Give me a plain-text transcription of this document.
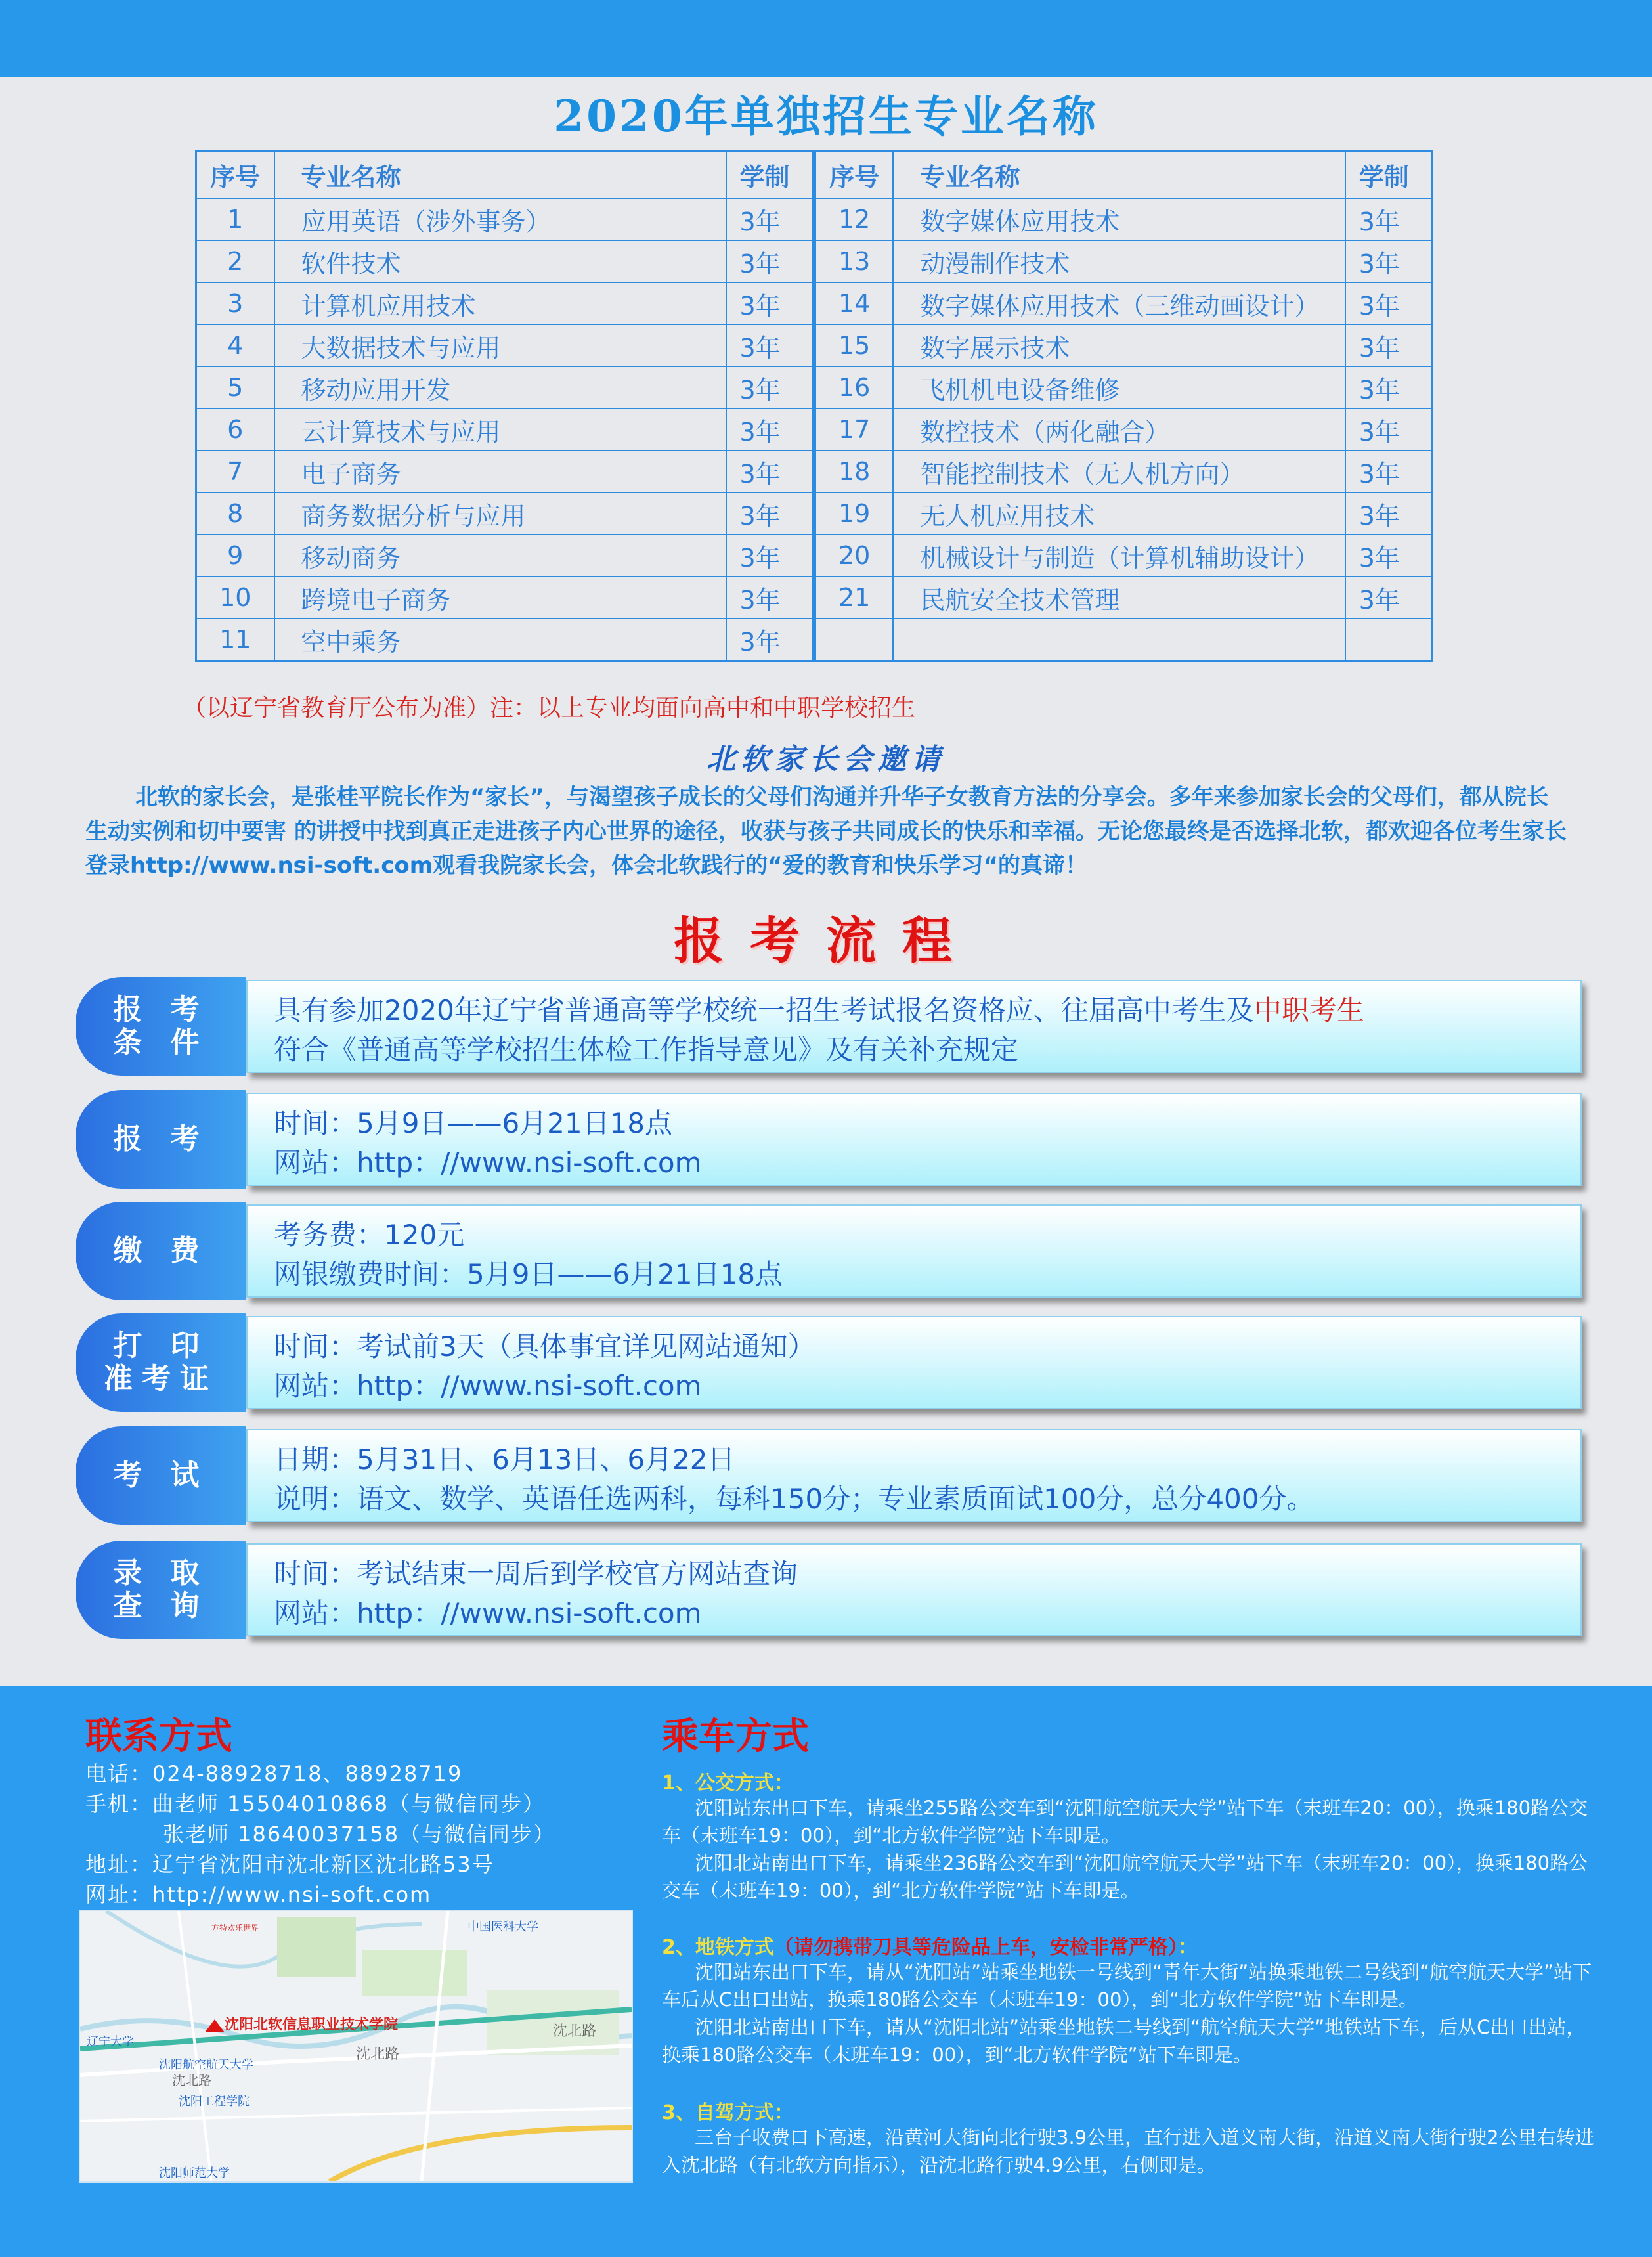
2020年单独招生专业名称
序号	专业名称	学制
1	应用英语（涉外事务）	3年
2	软件技术	3年
3	计算机应用技术	3年
4	大数据技术与应用	3年
5	移动应用开发	3年
6	云计算技术与应用	3年
7	电子商务	3年
8	商务数据分析与应用	3年
9	移动商务	3年
10	跨境电子商务	3年
11	空中乘务	3年
序号	专业名称	学制
12	数字媒体应用技术	3年
13	动漫制作技术	3年
14	数字媒体应用技术（三维动画设计）	3年
15	数字展示技术	3年
16	飞机机电设备维修	3年
17	数控技术（两化融合）	3年
18	智能控制技术（无人机方向）	3年
19	无人机应用技术	3年
20	机械设计与制造（计算机辅助设计）	3年
21	民航安全技术管理	3年

（以辽宁省教育厅公布为准）注：以上专业均面向高中和中职学校招生
北软家长会邀请
北软的家长会，是张桂平院长作为“家长”，与渴望孩子成长的父母们沟通并升华子女教育方法的分享会。多年来参加家长会的父母们，都从院长生动实例和切中要害 的讲授中找到真正走进孩子内心世界的途径，收获与孩子共同成长的快乐和幸福。无论您最终是否选择北软，都欢迎各位考生家长登录http://www.nsi-soft.com观看我院家长会，体会北软践行的“爱的教育和快乐学习“的真谛！
报考流程
报 考
条 件
具有参加2020年辽宁省普通高等学校统一招生考试报名资格应、往届高中考生及中职考生
符合《普通高等学校招生体检工作指导意见》及有关补充规定
报 考 时间：5月9日——6月21日18点
网站：http：//www.nsi-soft.com
缴 费 考务费：120元
网银缴费时间：5月9日——6月21日18点
打 印
准考证
时间：考试前3天（具体事宜详见网站通知）
网站：http：//www.nsi-soft.com
考 试 日期：5月31日、6月13日、6月22日
说明：语文、数学、英语任选两科，每科150分；专业素质面试100分，总分400分。
录 取
查 询
时间：考试结束一周后到学校官方网站查询
网站：http：//www.nsi-soft.com
联系方式
电话：024-88928718、88928719
手机：曲老师 15504010868（与微信同步）
张老师 18640037158（与微信同步）
地址：辽宁省沈阳市沈北新区沈北路53号
网址：http://www.nsi-soft.com
沈阳北软信息职业技术学院
中国医科大学
辽宁大学
沈阳航空航天大学
沈阳工程学院
沈阳师范大学
沈北路
沈北路
沈北路
方特欢乐世界
乘车方式
1、公交方式：
沈阳站东出口下车，请乘坐255路公交车到“沈阳航空航天大学”站下车（末班车20：00），换乘180路公交车（末班车19：00），到“北方软件学院”站下车即是。
沈阳北站南出口下车，请乘坐236路公交车到“沈阳航空航天大学”站下车（末班车20：00），换乘180路公交车（末班车19：00），到“北方软件学院”站下车即是。
2、地铁方式（请勿携带刀具等危险品上车，安检非常严格）：
沈阳站东出口下车，请从“沈阳站”站乘坐地铁一号线到“青年大街”站换乘地铁二号线到“航空航天大学”站下车后从C出口出站，换乘180路公交车（末班车19：00），到“北方软件学院”站下车即是。
沈阳北站南出口下车，请从“沈阳北站”站乘坐地铁二号线到“航空航天大学”地铁站下车，后从C出口出站，换乘180路公交车（末班车19：00），到“北方软件学院”站下车即是。
3、自驾方式：
三台子收费口下高速，沿黄河大街向北行驶3.9公里，直行进入道义南大街，沿道义南大街行驶2公里右转进入沈北路（有北软方向指示），沿沈北路行驶4.9公里，右侧即是。
